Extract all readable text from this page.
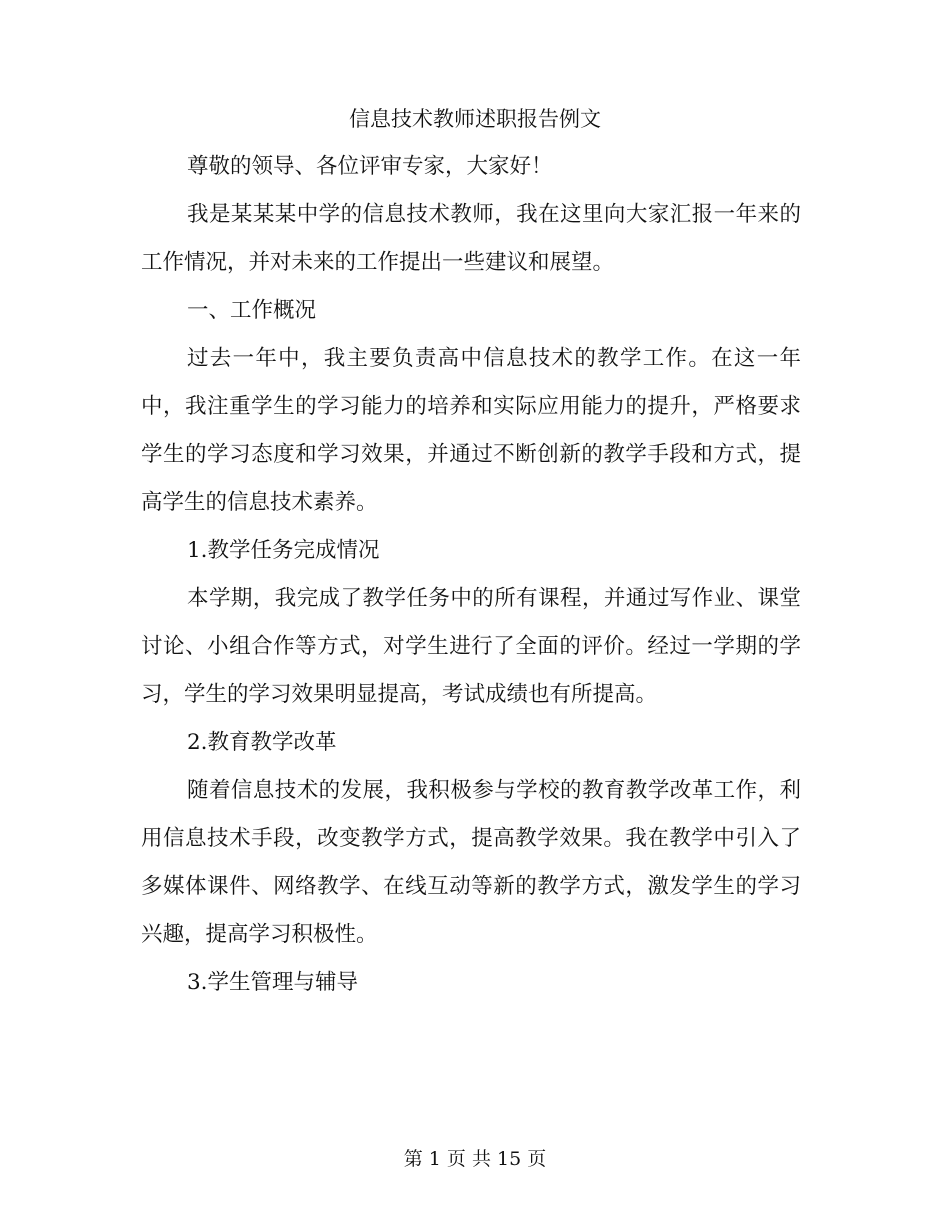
信息技术教师述职报告例文

尊敬的领导、各位评审专家，大家好！

我是某某某中学的信息技术教师，我在这里向大家汇报一年来的工作情况，并对未来的工作提出一些建议和展望。

一、工作概况

过去一年中，我主要负责高中信息技术的教学工作。在这一年中，我注重学生的学习能力的培养和实际应用能力的提升，严格要求学生的学习态度和学习效果，并通过不断创新的教学手段和方式，提高学生的信息技术素养。

1.教学任务完成情况

本学期，我完成了教学任务中的所有课程，并通过写作业、课堂讨论、小组合作等方式，对学生进行了全面的评价。经过一学期的学习，学生的学习效果明显提高，考试成绩也有所提高。

2.教育教学改革

随着信息技术的发展，我积极参与学校的教育教学改革工作，利用信息技术手段，改变教学方式，提高教学效果。我在教学中引入了多媒体课件、网络教学、在线互动等新的教学方式，激发学生的学习兴趣，提高学习积极性。

3.学生管理与辅导

第 1 页 共 15 页
